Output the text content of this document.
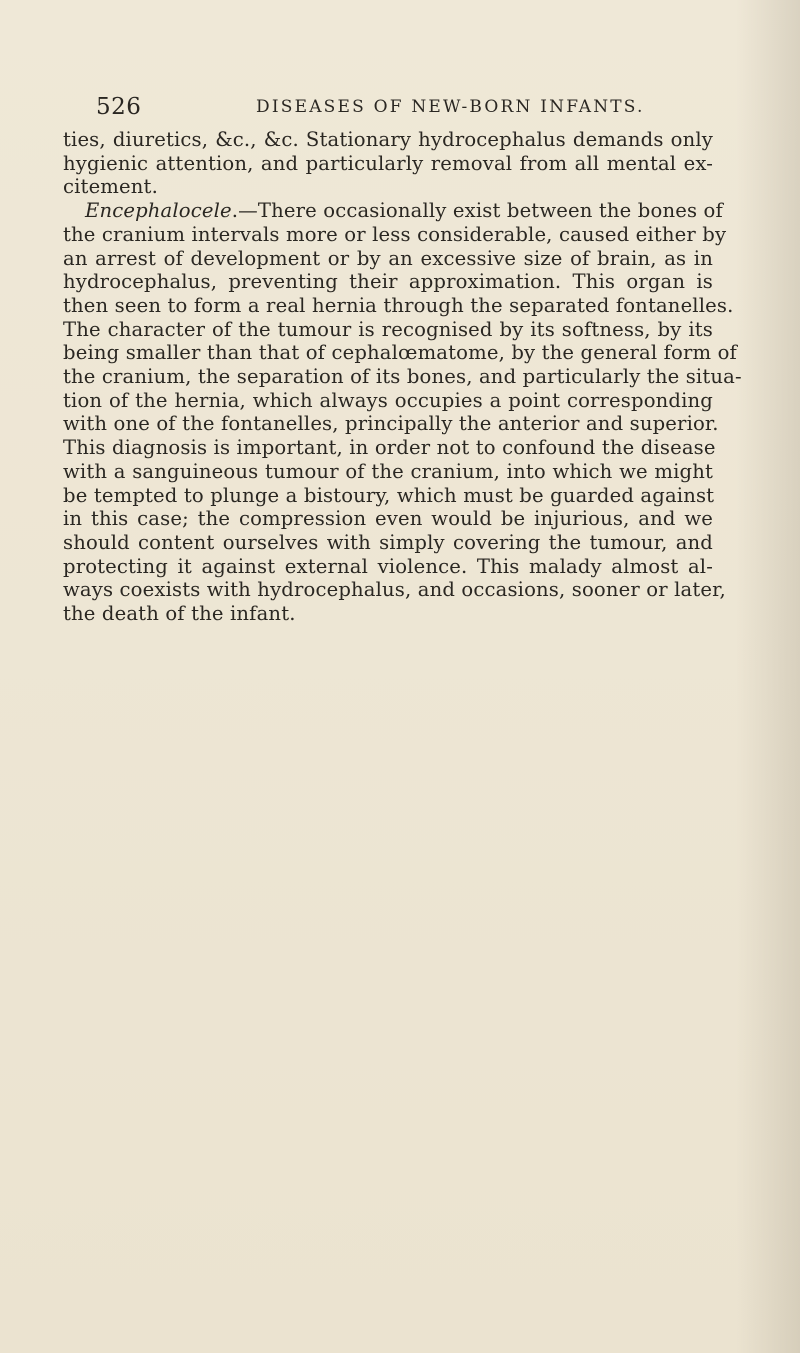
526	DISEASES OF NEW-BORN INFANTS.
ties, diuretics, &c., &c. Stationary hydrocephalus demands only
hygienic attention, and particularly removal from all mental ex-
citement.
Encephalocele.—There occasionally exist between the bones of
the cranium intervals more or less considerable, caused either by
an arrest of development or by an excessive size of brain, as in
hydrocephalus, preventing their approximation. This organ is
then seen to form a real hernia through the separated fontanelles.
The character of the tumour is recognised by its softness, by its
being smaller than that of cephalœmatome, by the general form of
the cranium, the separation of its bones, and particularly the situa-
tion of the hernia, which always occupies a point corresponding
with one of the fontanelles, principally the anterior and superior.
This diagnosis is important, in order not to confound the disease
with a sanguineous tumour of the cranium, into which we might
be tempted to plunge a bistoury, which must be guarded against
in this case; the compression even would be injurious, and we
should content ourselves with simply covering the tumour, and
protecting it against external violence. This malady almost al-
ways coexists with hydrocephalus, and occasions, sooner or later,
the death of the infant.
